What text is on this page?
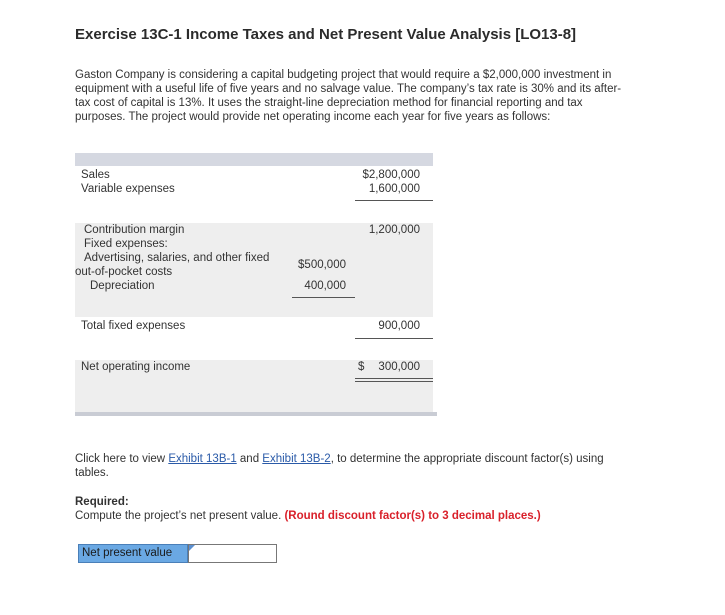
Exercise 13C-1 Income Taxes and Net Present Value Analysis [LO13-8]
Gaston Company is considering a capital budgeting project that would require a $2,000,000 investment in equipment with a useful life of five years and no salvage value. The company’s tax rate is 30% and its after-tax cost of capital is 13%. It uses the straight-line depreciation method for financial reporting and tax purposes. The project would provide net operating income each year for five years as follows:
Sales	$2,800,000
Variable expenses	1,600,000
Contribution margin	1,200,000
Fixed expenses:
Advertising, salaries, and other fixed
out-of-pocket costs
$500,000
Depreciation	400,000
Total fixed expenses	900,000
Net operating income	$ 300,000
Click here to view Exhibit 13B-1 and Exhibit 13B-2, to determine the appropriate discount factor(s) using tables.
Required:
Compute the project’s net present value. (Round discount factor(s) to 3 decimal places.)
Net present value
